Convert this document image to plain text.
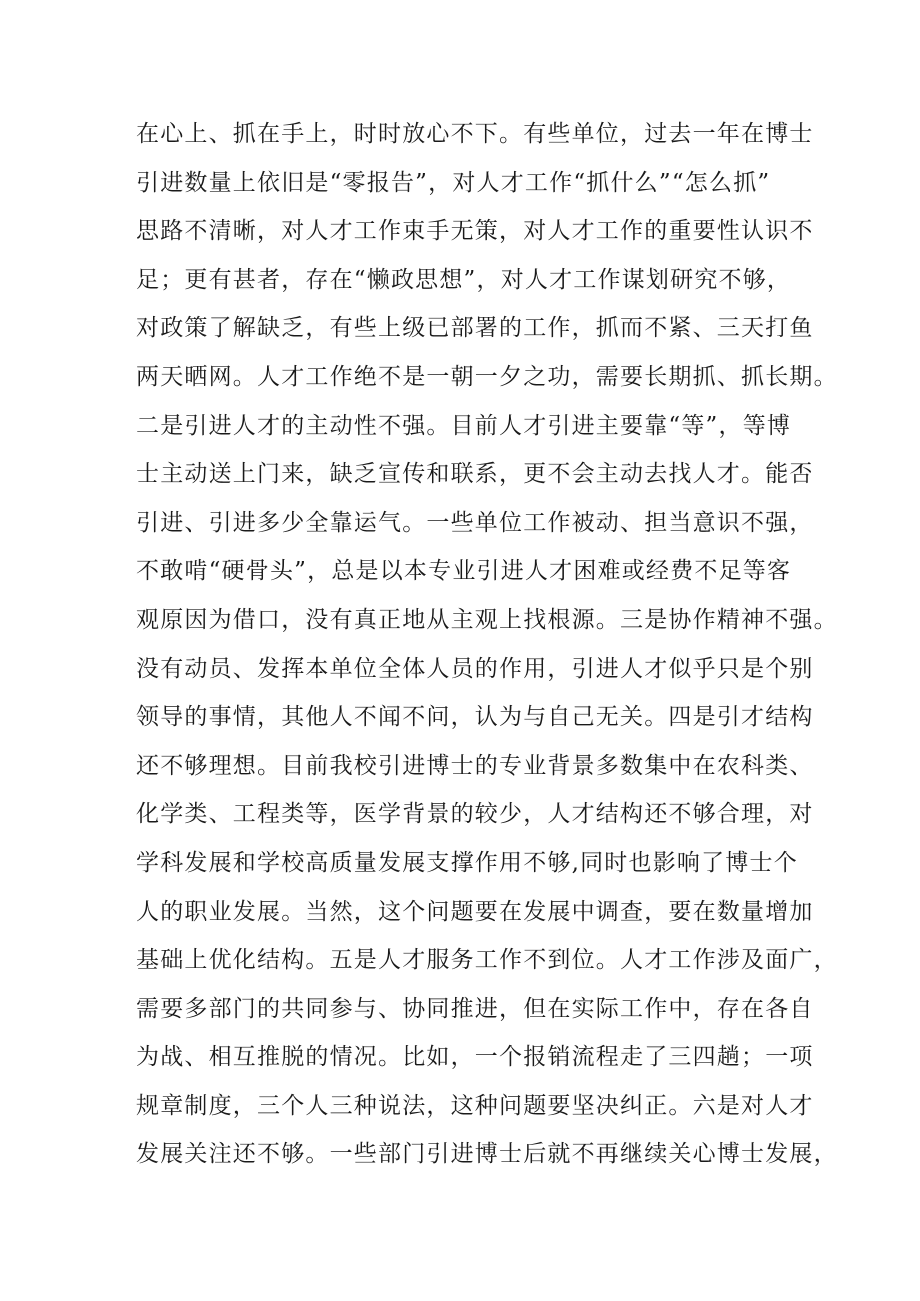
在心上、抓在手上，时时放心不下。有些单位，过去一年在博士
引进数量上依旧是“零报告”，对人才工作“抓什么”“怎么抓”
思路不清晰，对人才工作束手无策，对人才工作的重要性认识不
足；更有甚者，存在“懒政思想”，对人才工作谋划研究不够，
对政策了解缺乏，有些上级已部署的工作，抓而不紧、三天打鱼
两天晒网。人才工作绝不是一朝一夕之功，需要长期抓、抓长期。
二是引进人才的主动性不强。目前人才引进主要靠“等”，等博
士主动送上门来，缺乏宣传和联系，更不会主动去找人才。能否
引进、引进多少全靠运气。一些单位工作被动、担当意识不强，
不敢啃“硬骨头”，总是以本专业引进人才困难或经费不足等客
观原因为借口，没有真正地从主观上找根源。三是协作精神不强。
没有动员、发挥本单位全体人员的作用，引进人才似乎只是个别
领导的事情，其他人不闻不问，认为与自己无关。四是引才结构
还不够理想。目前我校引进博士的专业背景多数集中在农科类、
化学类、工程类等，医学背景的较少，人才结构还不够合理，对
学科发展和学校高质量发展支撑作用不够,同时也影响了博士个
人的职业发展。当然，这个问题要在发展中调查，要在数量增加
基础上优化结构。五是人才服务工作不到位。人才工作涉及面广，
需要多部门的共同参与、协同推进，但在实际工作中，存在各自
为战、相互推脱的情况。比如，一个报销流程走了三四趟；一项
规章制度，三个人三种说法，这种问题要坚决纠正。六是对人才
发展关注还不够。一些部门引进博士后就不再继续关心博士发展，
